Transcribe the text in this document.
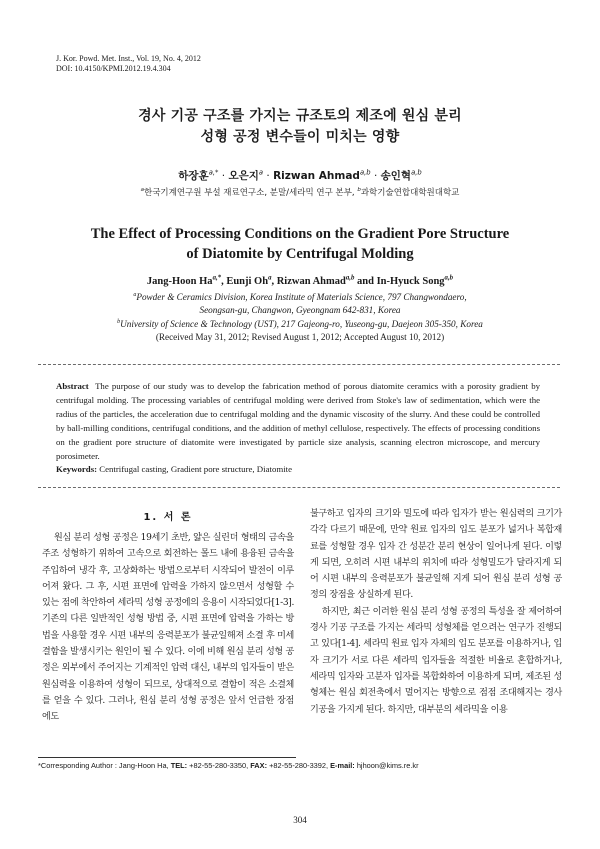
J. Kor. Powd. Met. Inst., Vol. 19, No. 4, 2012
DOI: 10.4150/KPMI.2012.19.4.304
경사 기공 구조를 가지는 규조토의 제조에 원심 분리
성형 공정 변수들이 미치는 영향
하장훈$^{a,*}$ · 오은지$^a$ · Rizwan Ahmad$^{a,b}$ · 송인혁$^{a,b}$
$^a$한국기계연구원 부설 재료연구소, 분말/세라믹 연구 본부, $^b$과학기술연합대학원대학교
The Effect of Processing Conditions on the Gradient Pore Structure
of Diatomite by Centrifugal Molding
Jang-Hoon $Ha^{a,*}$, Eunji Oh$^a$, Rizwan Ahmad$^{a,b}$ and In-Hyuck Song$^{a,b}$
$^a$Powder & Ceramics Division, Korea Institute of Materials Science, 797 Changwondaero,
Seongsan-gu, Changwon, Gyeongnam 642-831, Korea
$^b$University of Science & Technology (UST), 217 Gajeong-ro, Yuseong-gu, Daejeon 305-350, Korea
(Received May 31, 2012; Revised August 1, 2012; Accepted August 10, 2012)
Abstract The purpose of our study was to develop the fabrication method of porous diatomite ceramics with a porosity gradient by centrifugal molding. The processing variables of centrifugal molding were derived from Stoke's law of sedimentation, which were the radius of the particles, the acceleration due to centrifugal molding and the dynamic viscosity of the slurry. And these could be controlled by ball-milling conditions, centrifugal conditions, and the addition of methyl cellulose, respectively. The effects of processing conditions on the gradient pore structure of diatomite were investigated by particle size analysis, scanning electron microscope, and mercury porosimeter.
Keywords: Centrifugal casting, Gradient pore structure, Diatomite
1. 서 론

원심 분리 성형 공정은 19세기 초반, 얇은 실린더 형태의 금속을 주조 성형하기 위하여 고속으로 회전하는 몰드 내에 용융된 금속을 주입하여 냉각 후, 고상화하는 방법으로부터 시작되어 발전이 이루어져 왔다. 그 후, 시편 표면에 압력을 가하지 않으면서 성형할 수 있는 점에 착안하여 세라믹 성형 공정에의 응용이 시작되었다[1-3]. 기존의 다른 일반적인 성형 방법 중, 시편 표면에 압력을 가하는 방법을 사용할 경우 시편 내부의 응력분포가 불균일해져 소결 후 미세 결함을 발생시키는 원인이 될 수 있다. 이에 비해 원심 분리 성형 공정은 외부에서 주어지는 기계적인 압력 대신, 내부의 입자들이 받은 원심력을 이용하여 성형이 되므로, 상대적으로 결함이 적은 소결체를 얻을 수 있다. 그러나, 원심 분리 성형 공정은 앞서 언급한 장점에도

불구하고 입자의 크기와 밀도에 따라 입자가 받는 원심력의 크기가 각각 다르기 때문에, 만약 원료 입자의 입도 분포가 넓거나 복합재료를 성형할 경우 입자 간 성분간 분리 현상이 일어나게 된다. 이렇게 되면, 오히려 시편 내부의 위치에 따라 성형밀도가 달라지게 되어 시편 내부의 응력분포가 불균일해 지게 되어 원심 분리 성형 공정의 장점을 상실하게 된다.

하지만, 최근 이러한 원심 분리 성형 공정의 특성을 잘 제어하여 경사 기공 구조를 가지는 세라믹 성형체를 얻으려는 연구가 진행되고 있다[1-4]. 세라믹 원료 입자 자체의 입도 분포를 이용하거나, 입자 크기가 서로 다른 세라믹 입자들을 적절한 비율로 혼합하거나, 세라믹 입자와 고분자 입자를 복합화하여 이용하게 되며, 제조된 성형체는 원심 회전축에서 멀어지는 방향으로 점점 조대해지는 경사 기공을 가지게 된다. 하지만, 대부분의 세라믹을 이용

*Corresponding Author : Jang-Hoon Ha, TEL: +82-55-280-3350, FAX: +82-55-280-3392, E-mail: hjhoon@kims.re.kr
304
